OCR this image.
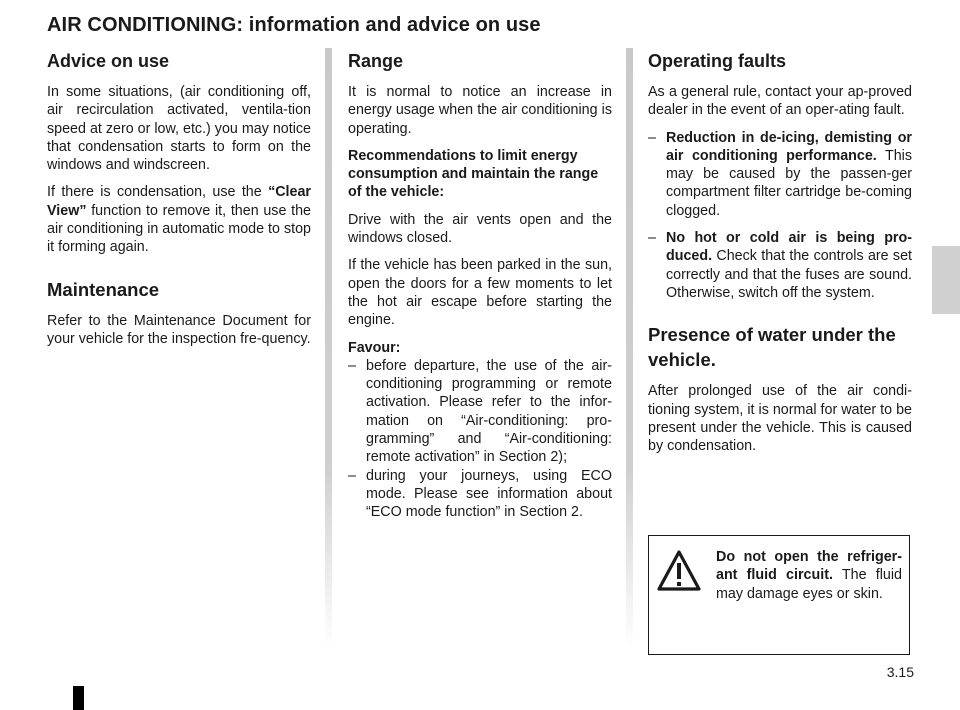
AIR CONDITIONING: information and advice on use
Advice on use

In some situations, (air conditioning off, air recirculation activated, ventila-tion speed at zero or low, etc.) you may notice that condensation starts to form on the windows and windscreen.

If there is condensation, use the “Clear View” function to remove it, then use the air conditioning in automatic mode to stop it forming again.

Maintenance

Refer to the Maintenance Document for your vehicle for the inspection fre-quency.

Range

It is normal to notice an increase in energy usage when the air conditioning is operating.

Recommendations to limit energy consumption and maintain the range of the vehicle:

Drive with the air vents open and the windows closed.

If the vehicle has been parked in the sun, open the doors for a few moments to let the hot air escape before starting the engine.

Favour:

– before departure, the use of the air-conditioning programming or remote activation. Please refer to the infor-mation on “Air-conditioning: pro-gramming” and “Air-conditioning: remote activation” in Section 2);
– during your journeys, using ECO mode. Please see information about “ECO mode function” in Section 2.
Operating faults

As a general rule, contact your ap-proved dealer in the event of an oper-ating fault.

– Reduction in de-icing, demisting or air conditioning performance. This may be caused by the passen-ger compartment filter cartridge be-coming clogged.
– No hot or cold air is being pro-duced. Check that the controls are set correctly and that the fuses are sound. Otherwise, switch off the system.
Presence of water under the vehicle.

After prolonged use of the air condi-tioning system, it is normal for water to be present under the vehicle. This is caused by condensation.

Do not open the refriger-ant fluid circuit. The fluid may damage eyes or skin.
3.15
